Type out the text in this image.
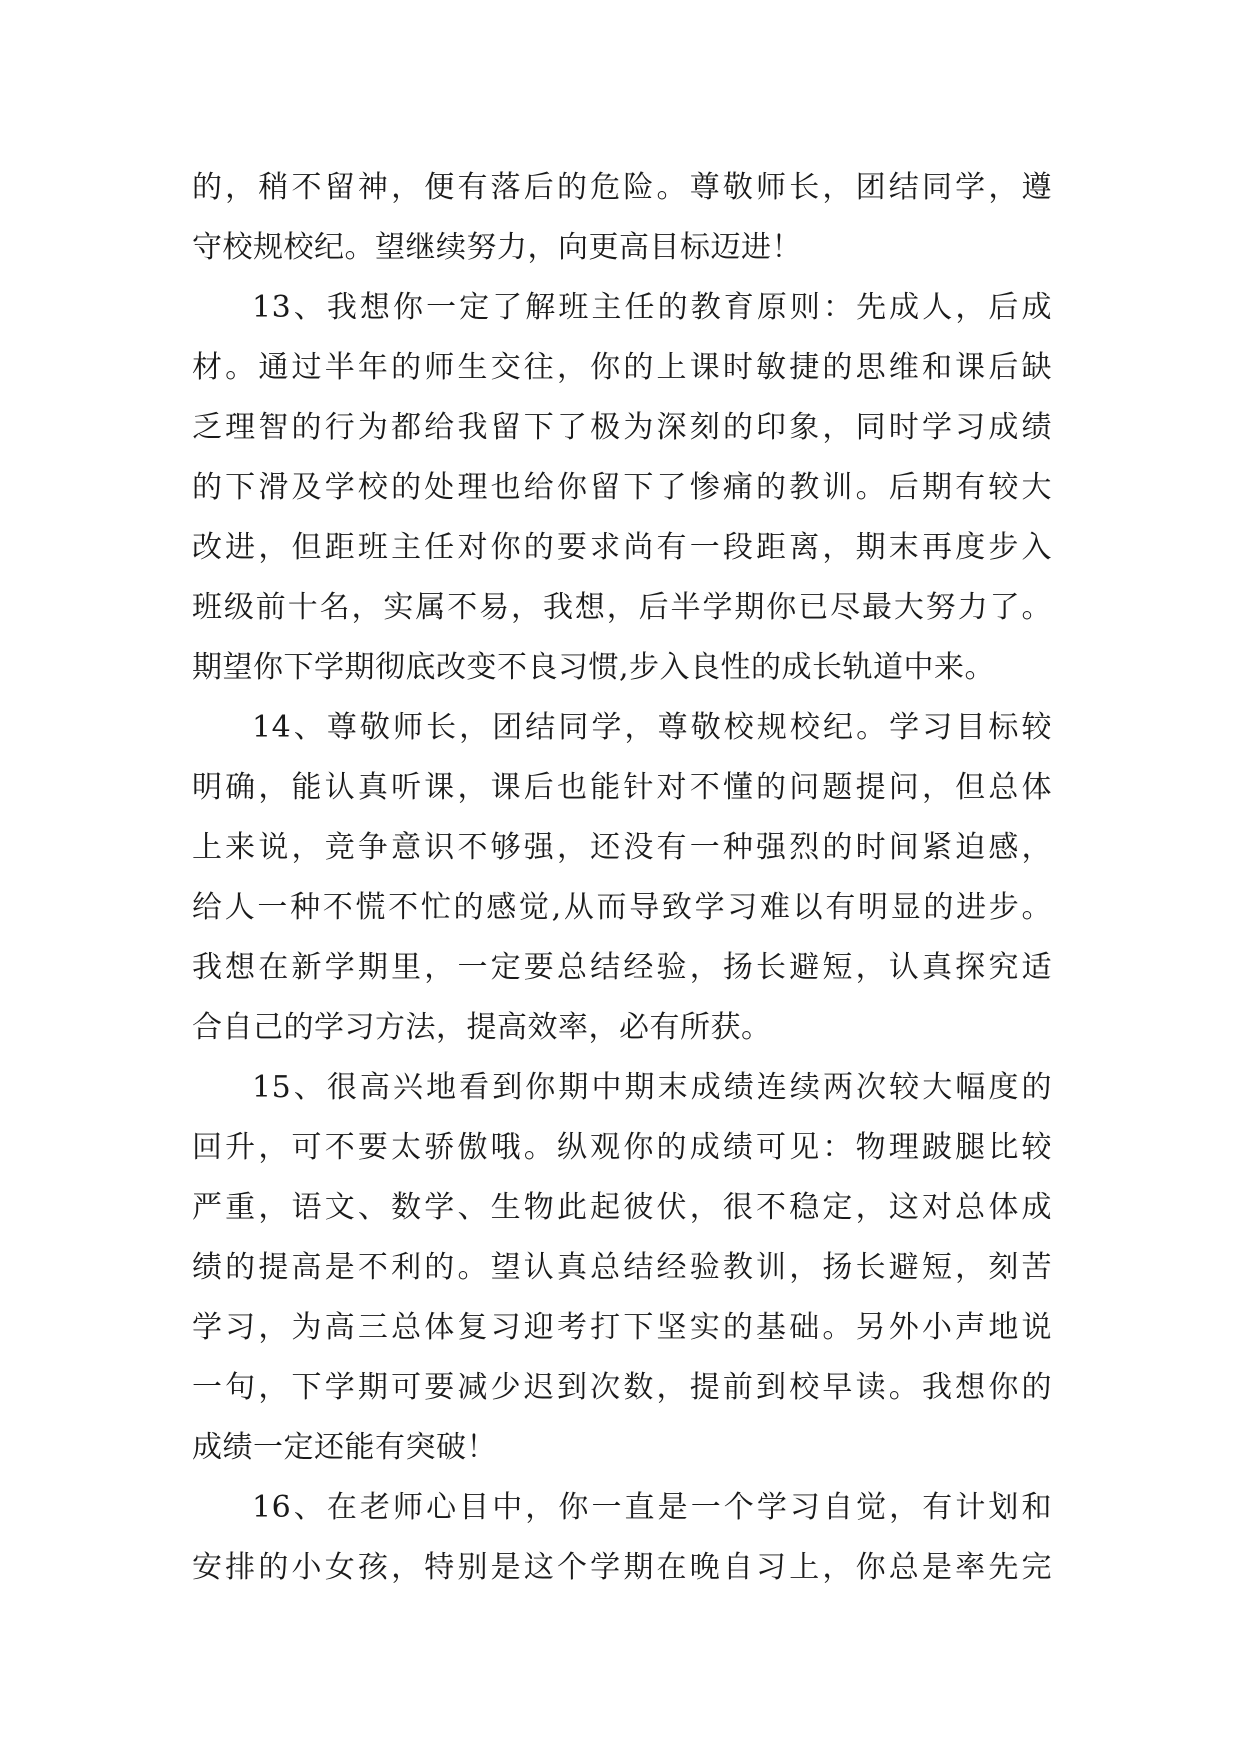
的，稍不留神，便有落后的危险。尊敬师长，团结同学，遵
守校规校纪。望继续努力，向更高目标迈进！
13、我想你一定了解班主任的教育原则：先成人，后成
材。通过半年的师生交往，你的上课时敏捷的思维和课后缺
乏理智的行为都给我留下了极为深刻的印象，同时学习成绩
的下滑及学校的处理也给你留下了惨痛的教训。后期有较大
改进，但距班主任对你的要求尚有一段距离，期末再度步入
班级前十名，实属不易，我想，后半学期你已尽最大努力了。
期望你下学期彻底改变不良习惯,步入良性的成长轨道中来。
14、尊敬师长，团结同学，尊敬校规校纪。学习目标较
明确，能认真听课，课后也能针对不懂的问题提问，但总体
上来说，竞争意识不够强，还没有一种强烈的时间紧迫感，
给人一种不慌不忙的感觉,从而导致学习难以有明显的进步。
我想在新学期里，一定要总结经验，扬长避短，认真探究适
合自己的学习方法，提高效率，必有所获。
15、很高兴地看到你期中期末成绩连续两次较大幅度的
回升，可不要太骄傲哦。纵观你的成绩可见：物理跛腿比较
严重，语文、数学、生物此起彼伏，很不稳定，这对总体成
绩的提高是不利的。望认真总结经验教训，扬长避短，刻苦
学习，为高三总体复习迎考打下坚实的基础。另外小声地说
一句，下学期可要减少迟到次数，提前到校早读。我想你的
成绩一定还能有突破！
16、在老师心目中，你一直是一个学习自觉，有计划和
安排的小女孩，特别是这个学期在晚自习上，你总是率先完
